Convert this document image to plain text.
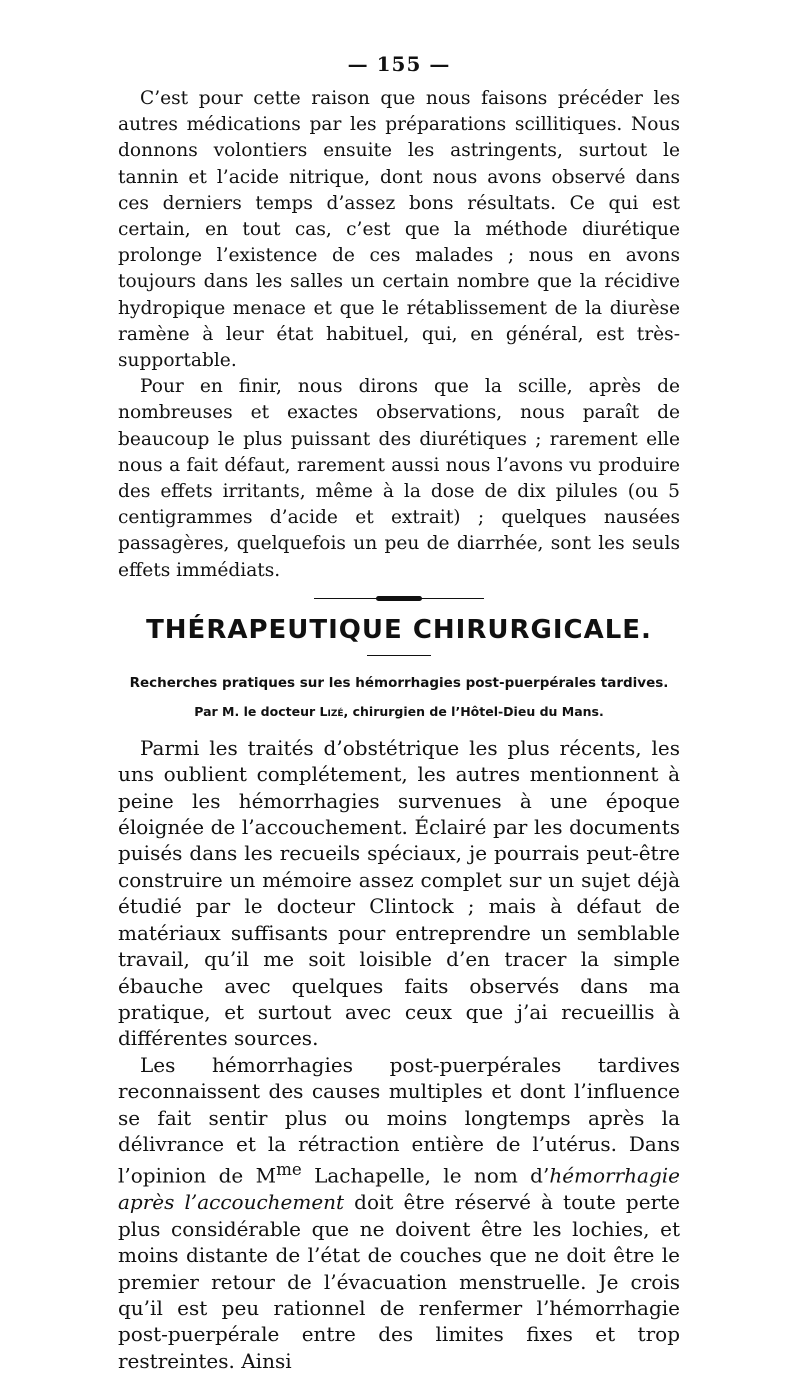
— 155 —

C’est pour cette raison que nous faisons précéder les autres médications par les préparations scillitiques. Nous donnons volontiers ensuite les astringents, surtout le tannin et l’acide nitrique, dont nous avons observé dans ces derniers temps d’assez bons résultats. Ce qui est certain, en tout cas, c’est que la méthode diurétique prolonge l’existence de ces malades ; nous en avons toujours dans les salles un certain nombre que la récidive hydropique menace et que le rétablissement de la diurèse ramène à leur état habituel, qui, en général, est très-supportable.

Pour en finir, nous dirons que la scille, après de nombreuses et exactes observations, nous paraît de beaucoup le plus puissant des diurétiques ; rarement elle nous a fait défaut, rarement aussi nous l’avons vu produire des effets irritants, même à la dose de dix pilules (ou 5 centigrammes d’acide et extrait) ; quelques nausées passagères, quelquefois un peu de diarrhée, sont les seuls effets immédiats.

THÉRAPEUTIQUE CHIRURGICALE.
Recherches pratiques sur les hémorrhagies post-puerpérales tardives.
Par M. le docteur Lizé, chirurgien de l’Hôtel-Dieu du Mans.

Parmi les traités d’obstétrique les plus récents, les uns oublient complétement, les autres mentionnent à peine les hémorrhagies survenues à une époque éloignée de l’accouchement. Éclairé par les documents puisés dans les recueils spéciaux, je pourrais peut-être construire un mémoire assez complet sur un sujet déjà étudié par le docteur Clintock ; mais à défaut de matériaux suffisants pour entreprendre un semblable travail, qu’il me soit loisible d’en tracer la simple ébauche avec quelques faits observés dans ma pratique, et surtout avec ceux que j’ai recueillis à différentes sources.

Les hémorrhagies post-puerpérales tardives reconnaissent des causes multiples et dont l’influence se fait sentir plus ou moins longtemps après la délivrance et la rétraction entière de l’utérus. Dans l’opinion de $M^{me}$ Lachapelle, le nom d’hémorrhagie après l’accouchement doit être réservé à toute perte plus considérable que ne doivent être les lochies, et moins distante de l’état de couches que ne doit être le premier retour de l’évacuation menstruelle. Je crois qu’il est peu rationnel de renfermer l’hémorrhagie post-puerpérale entre des limites fixes et trop restreintes. Ainsi
